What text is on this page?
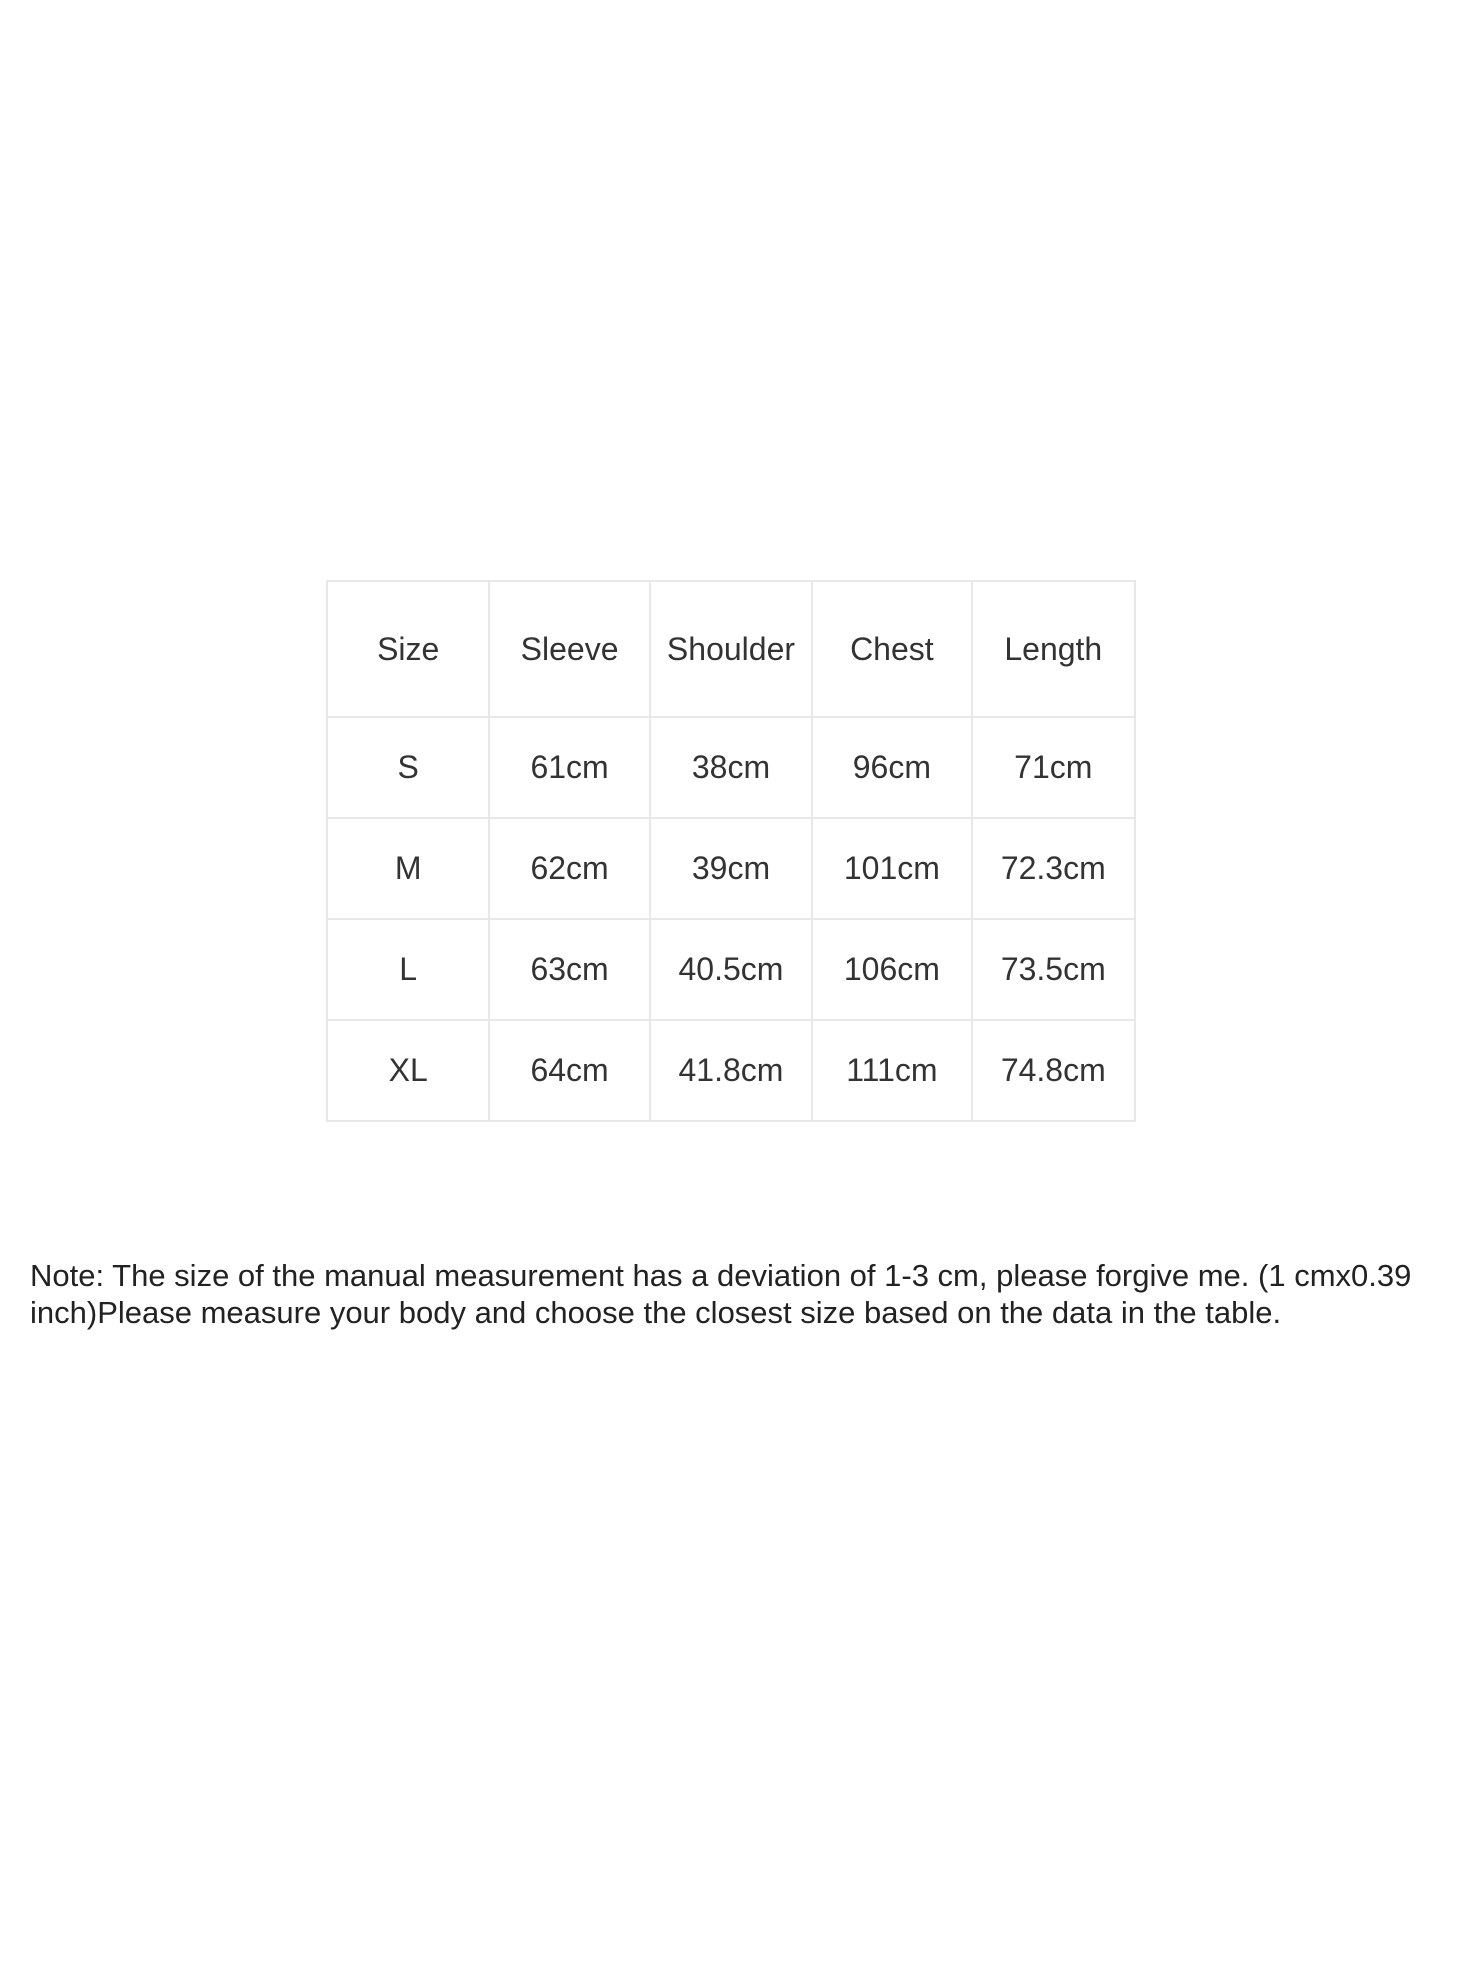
Size	Sleeve	Shoulder	Chest	Length
S	61cm	38cm	96cm	71cm
M	62cm	39cm	101cm	72.3cm
L	63cm	40.5cm	106cm	73.5cm
XL	64cm	41.8cm	111cm	74.8cm

Note: The size of the manual measurement has a deviation of 1-3 cm, please forgive me. (1 cmx0.39 inch)Please measure your body and choose the closest size based on the data in the table.
